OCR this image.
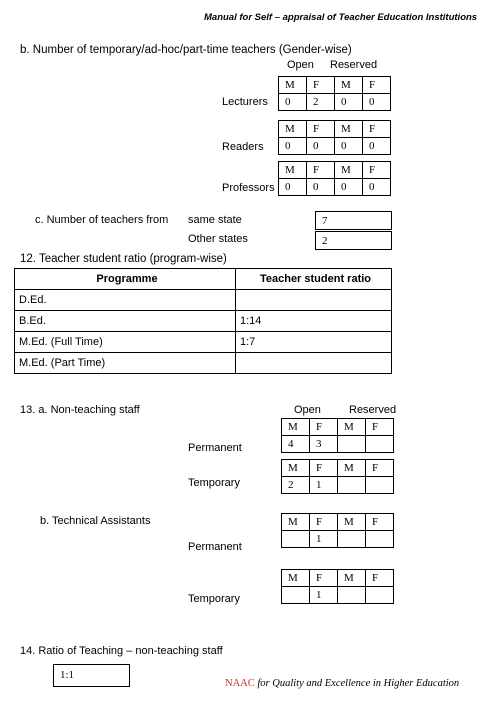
Manual for Self – appraisal of Teacher Education Institutions
b. Number of temporary/ad-hoc/part-time teachers (Gender-wise)
Open Reserved
Lecturers
M	F	M	F
0	2	0	0
Readers
M	F	M	F
0	0	0	0
Professors
M	F	M	F
0	0	0	0
c. Number of teachers from same state	7
Other states	2
12. Teacher student ratio (program-wise)
Programme	Teacher student ratio
D.Ed.	
B.Ed.	1:14
M.Ed. (Full Time)	1:7
M.Ed. (Part Time)	
13. a. Non-teaching staff	Open	Reserved
Permanent
M	F	M	F
4	3		
Temporary
M	F	M	F
2	1		
b. Technical Assistants
Permanent
M	F	M	F
	1		
Temporary
M	F	M	F
	1		
14. Ratio of Teaching – non-teaching staff
1:1
NAAC for Quality and Excellence in Higher Education
